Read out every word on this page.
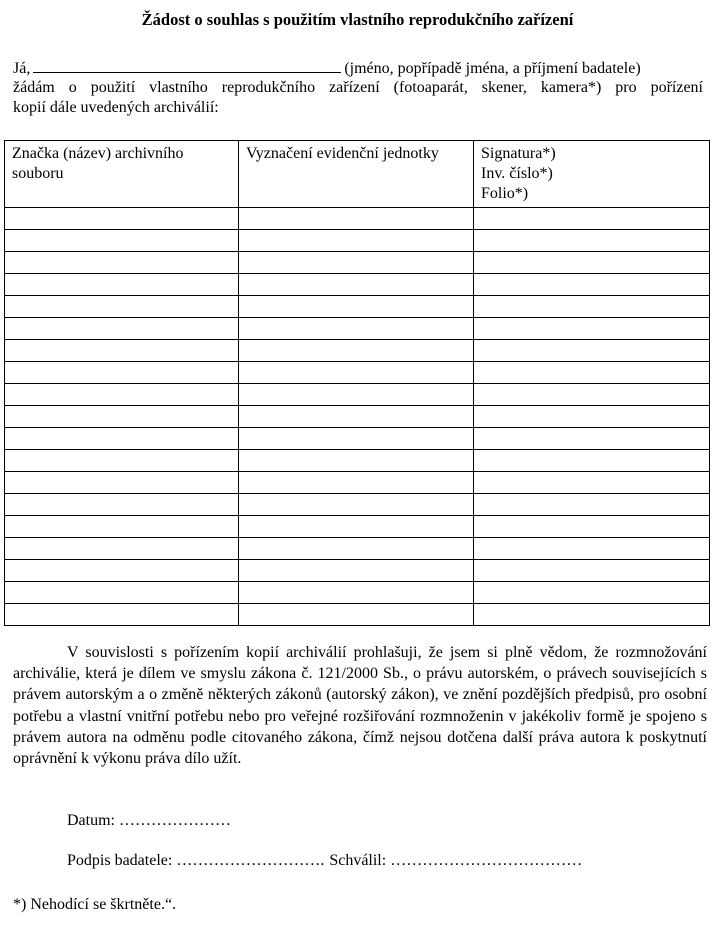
Žádost o souhlas s použitím vlastního reprodukčního zařízení
Já,	(jméno, popřípadě jména, a příjmení badatele)
žádám o použití vlastního reprodukčního zařízení (fotoaparát, skener, kamera*) pro pořízení
kopií dále uvedených archiválií:
Značka (název) archivního souboru	Vyznačení evidenční jednotky	Signatura*)
Inv. číslo*)
Folio*)

V souvislosti s pořízením kopií archiválií prohlašuji, že jsem si plně vědom, že rozmnožování archiválie, která je dílem ve smyslu zákona č. 121/2000 Sb., o právu autorském, o právech souvisejících s právem autorským a o změně některých zákonů (autorský zákon), ve znění pozdějších předpisů, pro osobní potřebu a vlastní vnitřní potřebu nebo pro veřejné rozšiřování rozmnoženin v jakékoliv formě je spojeno s právem autora na odměnu podle citovaného zákona, čímž nejsou dotčena další práva autora k poskytnutí oprávnění k výkonu práva dílo užít.
Datum: …………………
Podpis badatele: ………………………. Schválil: ………………………………
*) Nehodící se škrtněte.“.
